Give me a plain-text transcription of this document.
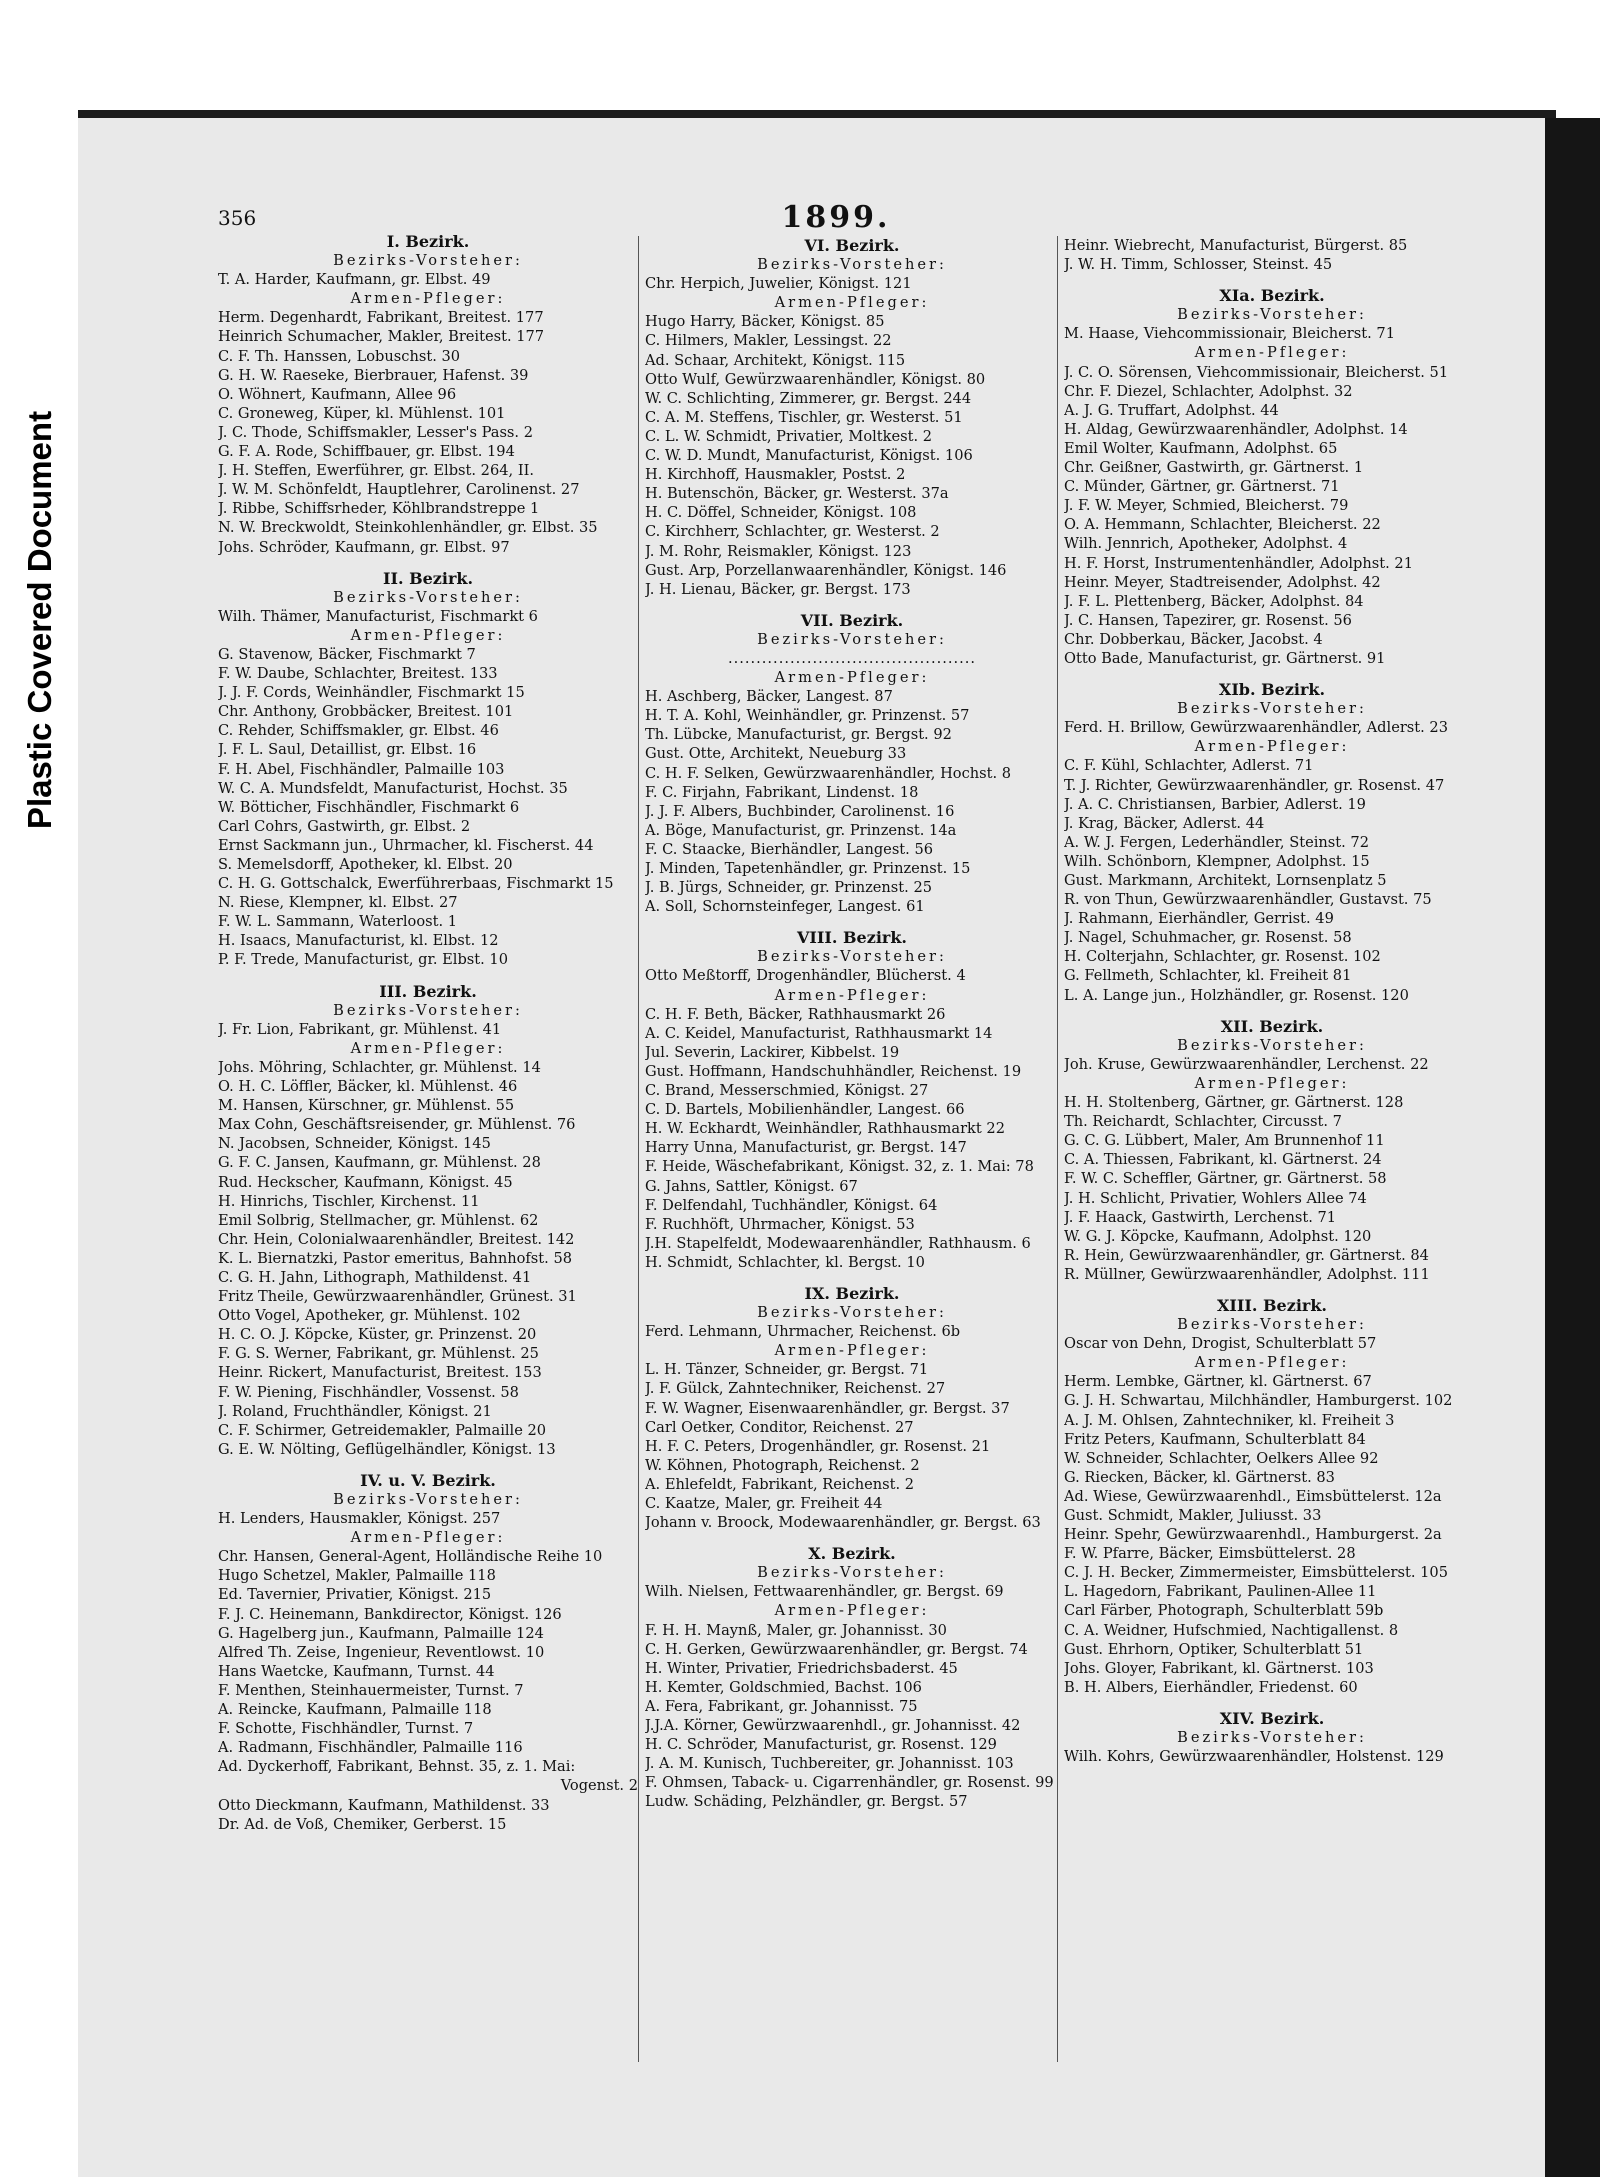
Plastic Covered Document
356	1899.
I. Bezirk.
Bezirks-Vorsteher:
T. A. Harder, Kaufmann, gr. Elbst. 49
Armen-Pfleger:
Herm. Degenhardt, Fabrikant, Breitest. 177
Heinrich Schumacher, Makler, Breitest. 177
C. F. Th. Hanssen, Lobuschst. 30
G. H. W. Raeseke, Bierbrauer, Hafenst. 39
O. Wöhnert, Kaufmann, Allee 96
C. Groneweg, Küper, kl. Mühlenst. 101
J. C. Thode, Schiffsmakler, Lesser's Pass. 2
G. F. A. Rode, Schiffbauer, gr. Elbst. 194
J. H. Steffen, Ewerführer, gr. Elbst. 264, II.
J. W. M. Schönfeldt, Hauptlehrer, Carolinenst. 27
J. Ribbe, Schiffsrheder, Köhlbrandstreppe 1
N. W. Breckwoldt, Steinkohlenhändler, gr. Elbst. 35
Johs. Schröder, Kaufmann, gr. Elbst. 97
II. Bezirk.
Bezirks-Vorsteher:
Wilh. Thämer, Manufacturist, Fischmarkt 6
Armen-Pfleger:
G. Stavenow, Bäcker, Fischmarkt 7
F. W. Daube, Schlachter, Breitest. 133
J. J. F. Cords, Weinhändler, Fischmarkt 15
Chr. Anthony, Grobbäcker, Breitest. 101
C. Rehder, Schiffsmakler, gr. Elbst. 46
J. F. L. Saul, Detaillist, gr. Elbst. 16
F. H. Abel, Fischhändler, Palmaille 103
W. C. A. Mundsfeldt, Manufacturist, Hochst. 35
W. Bötticher, Fischhändler, Fischmarkt 6
Carl Cohrs, Gastwirth, gr. Elbst. 2
Ernst Sackmann jun., Uhrmacher, kl. Fischerst. 44
S. Memelsdorff, Apotheker, kl. Elbst. 20
C. H. G. Gottschalck, Ewerführerbaas, Fischmarkt 15
N. Riese, Klempner, kl. Elbst. 27
F. W. L. Sammann, Waterloost. 1
H. Isaacs, Manufacturist, kl. Elbst. 12
P. F. Trede, Manufacturist, gr. Elbst. 10
III. Bezirk.
Bezirks-Vorsteher:
J. Fr. Lion, Fabrikant, gr. Mühlenst. 41
Armen-Pfleger:
Johs. Möhring, Schlachter, gr. Mühlenst. 14
O. H. C. Löffler, Bäcker, kl. Mühlenst. 46
M. Hansen, Kürschner, gr. Mühlenst. 55
Max Cohn, Geschäftsreisender, gr. Mühlenst. 76
N. Jacobsen, Schneider, Königst. 145
G. F. C. Jansen, Kaufmann, gr. Mühlenst. 28
Rud. Heckscher, Kaufmann, Königst. 45
H. Hinrichs, Tischler, Kirchenst. 11
Emil Solbrig, Stellmacher, gr. Mühlenst. 62
Chr. Hein, Colonialwaarenhändler, Breitest. 142
K. L. Biernatzki, Pastor emeritus, Bahnhofst. 58
C. G. H. Jahn, Lithograph, Mathildenst. 41
Fritz Theile, Gewürzwaarenhändler, Grünest. 31
Otto Vogel, Apotheker, gr. Mühlenst. 102
H. C. O. J. Köpcke, Küster, gr. Prinzenst. 20
F. G. S. Werner, Fabrikant, gr. Mühlenst. 25
Heinr. Rickert, Manufacturist, Breitest. 153
F. W. Piening, Fischhändler, Vossenst. 58
J. Roland, Fruchthändler, Königst. 21
C. F. Schirmer, Getreidemakler, Palmaille 20
G. E. W. Nölting, Geflügelhändler, Königst. 13
IV. u. V. Bezirk.
Bezirks-Vorsteher:
H. Lenders, Hausmakler, Königst. 257
Armen-Pfleger:
Chr. Hansen, General-Agent, Holländische Reihe 10
Hugo Schetzel, Makler, Palmaille 118
Ed. Tavernier, Privatier, Königst. 215
F. J. C. Heinemann, Bankdirector, Königst. 126
G. Hagelberg jun., Kaufmann, Palmaille 124
Alfred Th. Zeise, Ingenieur, Reventlowst. 10
Hans Waetcke, Kaufmann, Turnst. 44
F. Menthen, Steinhauermeister, Turnst. 7
A. Reincke, Kaufmann, Palmaille 118
F. Schotte, Fischhändler, Turnst. 7
A. Radmann, Fischhändler, Palmaille 116
Ad. Dyckerhoff, Fabrikant, Behnst. 35, z. 1. Mai:
Vogenst. 2
Otto Dieckmann, Kaufmann, Mathildenst. 33
Dr. Ad. de Voß, Chemiker, Gerberst. 15
VI. Bezirk.
Bezirks-Vorsteher:
Chr. Herpich, Juwelier, Königst. 121
Armen-Pfleger:
Hugo Harry, Bäcker, Königst. 85
C. Hilmers, Makler, Lessingst. 22
Ad. Schaar, Architekt, Königst. 115
Otto Wulf, Gewürzwaarenhändler, Königst. 80
W. C. Schlichting, Zimmerer, gr. Bergst. 244
C. A. M. Steffens, Tischler, gr. Westerst. 51
C. L. W. Schmidt, Privatier, Moltkest. 2
C. W. D. Mundt, Manufacturist, Königst. 106
H. Kirchhoff, Hausmakler, Postst. 2
H. Butenschön, Bäcker, gr. Westerst. 37a
H. C. Döffel, Schneider, Königst. 108
C. Kirchherr, Schlachter, gr. Westerst. 2
J. M. Rohr, Reismakler, Königst. 123
Gust. Arp, Porzellanwaarenhändler, Königst. 146
J. H. Lienau, Bäcker, gr. Bergst. 173
VII. Bezirk.
Bezirks-Vorsteher:
............................................
Armen-Pfleger:
H. Aschberg, Bäcker, Langest. 87
H. T. A. Kohl, Weinhändler, gr. Prinzenst. 57
Th. Lübcke, Manufacturist, gr. Bergst. 92
Gust. Otte, Architekt, Neueburg 33
C. H. F. Selken, Gewürzwaarenhändler, Hochst. 8
F. C. Firjahn, Fabrikant, Lindenst. 18
J. J. F. Albers, Buchbinder, Carolinenst. 16
A. Böge, Manufacturist, gr. Prinzenst. 14a
F. C. Staacke, Bierhändler, Langest. 56
J. Minden, Tapetenhändler, gr. Prinzenst. 15
J. B. Jürgs, Schneider, gr. Prinzenst. 25
A. Soll, Schornsteinfeger, Langest. 61
VIII. Bezirk.
Bezirks-Vorsteher:
Otto Meßtorff, Drogenhändler, Blücherst. 4
Armen-Pfleger:
C. H. F. Beth, Bäcker, Rathhausmarkt 26
A. C. Keidel, Manufacturist, Rathhausmarkt 14
Jul. Severin, Lackirer, Kibbelst. 19
Gust. Hoffmann, Handschuhhändler, Reichenst. 19
C. Brand, Messerschmied, Königst. 27
C. D. Bartels, Mobilienhändler, Langest. 66
H. W. Eckhardt, Weinhändler, Rathhausmarkt 22
Harry Unna, Manufacturist, gr. Bergst. 147
F. Heide, Wäschefabrikant, Königst. 32, z. 1. Mai: 78
G. Jahns, Sattler, Königst. 67
F. Delfendahl, Tuchhändler, Königst. 64
F. Ruchhöft, Uhrmacher, Königst. 53
J.H. Stapelfeldt, Modewaarenhändler, Rathhausm. 6
H. Schmidt, Schlachter, kl. Bergst. 10
IX. Bezirk.
Bezirks-Vorsteher:
Ferd. Lehmann, Uhrmacher, Reichenst. 6b
Armen-Pfleger:
L. H. Tänzer, Schneider, gr. Bergst. 71
J. F. Gülck, Zahntechniker, Reichenst. 27
F. W. Wagner, Eisenwaarenhändler, gr. Bergst. 37
Carl Oetker, Conditor, Reichenst. 27
H. F. C. Peters, Drogenhändler, gr. Rosenst. 21
W. Köhnen, Photograph, Reichenst. 2
A. Ehlefeldt, Fabrikant, Reichenst. 2
C. Kaatze, Maler, gr. Freiheit 44
Johann v. Broock, Modewaarenhändler, gr. Bergst. 63
X. Bezirk.
Bezirks-Vorsteher:
Wilh. Nielsen, Fettwaarenhändler, gr. Bergst. 69
Armen-Pfleger:
F. H. H. Maynß, Maler, gr. Johannisst. 30
C. H. Gerken, Gewürzwaarenhändler, gr. Bergst. 74
H. Winter, Privatier, Friedrichsbaderst. 45
H. Kemter, Goldschmied, Bachst. 106
A. Fera, Fabrikant, gr. Johannisst. 75
J.J.A. Körner, Gewürzwaarenhdl., gr. Johannisst. 42
H. C. Schröder, Manufacturist, gr. Rosenst. 129
J. A. M. Kunisch, Tuchbereiter, gr. Johannisst. 103
F. Ohmsen, Taback- u. Cigarrenhändler, gr. Rosenst. 99
Ludw. Schäding, Pelzhändler, gr. Bergst. 57
Heinr. Wiebrecht, Manufacturist, Bürgerst. 85
J. W. H. Timm, Schlosser, Steinst. 45
XIa. Bezirk.
Bezirks-Vorsteher:
M. Haase, Viehcommissionair, Bleicherst. 71
Armen-Pfleger:
J. C. O. Sörensen, Viehcommissionair, Bleicherst. 51
Chr. F. Diezel, Schlachter, Adolphst. 32
A. J. G. Truffart, Adolphst. 44
H. Aldag, Gewürzwaarenhändler, Adolphst. 14
Emil Wolter, Kaufmann, Adolphst. 65
Chr. Geißner, Gastwirth, gr. Gärtnerst. 1
C. Münder, Gärtner, gr. Gärtnerst. 71
J. F. W. Meyer, Schmied, Bleicherst. 79
O. A. Hemmann, Schlachter, Bleicherst. 22
Wilh. Jennrich, Apotheker, Adolphst. 4
H. F. Horst, Instrumentenhändler, Adolphst. 21
Heinr. Meyer, Stadtreisender, Adolphst. 42
J. F. L. Plettenberg, Bäcker, Adolphst. 84
J. C. Hansen, Tapezirer, gr. Rosenst. 56
Chr. Dobberkau, Bäcker, Jacobst. 4
Otto Bade, Manufacturist, gr. Gärtnerst. 91
XIb. Bezirk.
Bezirks-Vorsteher:
Ferd. H. Brillow, Gewürzwaarenhändler, Adlerst. 23
Armen-Pfleger:
C. F. Kühl, Schlachter, Adlerst. 71
T. J. Richter, Gewürzwaarenhändler, gr. Rosenst. 47
J. A. C. Christiansen, Barbier, Adlerst. 19
J. Krag, Bäcker, Adlerst. 44
A. W. J. Fergen, Lederhändler, Steinst. 72
Wilh. Schönborn, Klempner, Adolphst. 15
Gust. Markmann, Architekt, Lornsenplatz 5
R. von Thun, Gewürzwaarenhändler, Gustavst. 75
J. Rahmann, Eierhändler, Gerrist. 49
J. Nagel, Schuhmacher, gr. Rosenst. 58
H. Colterjahn, Schlachter, gr. Rosenst. 102
G. Fellmeth, Schlachter, kl. Freiheit 81
L. A. Lange jun., Holzhändler, gr. Rosenst. 120
XII. Bezirk.
Bezirks-Vorsteher:
Joh. Kruse, Gewürzwaarenhändler, Lerchenst. 22
Armen-Pfleger:
H. H. Stoltenberg, Gärtner, gr. Gärtnerst. 128
Th. Reichardt, Schlachter, Circusst. 7
G. C. G. Lübbert, Maler, Am Brunnenhof 11
C. A. Thiessen, Fabrikant, kl. Gärtnerst. 24
F. W. C. Scheffler, Gärtner, gr. Gärtnerst. 58
J. H. Schlicht, Privatier, Wohlers Allee 74
J. F. Haack, Gastwirth, Lerchenst. 71
W. G. J. Köpcke, Kaufmann, Adolphst. 120
R. Hein, Gewürzwaarenhändler, gr. Gärtnerst. 84
R. Müllner, Gewürzwaarenhändler, Adolphst. 111
XIII. Bezirk.
Bezirks-Vorsteher:
Oscar von Dehn, Drogist, Schulterblatt 57
Armen-Pfleger:
Herm. Lembke, Gärtner, kl. Gärtnerst. 67
G. J. H. Schwartau, Milchhändler, Hamburgerst. 102
A. J. M. Ohlsen, Zahntechniker, kl. Freiheit 3
Fritz Peters, Kaufmann, Schulterblatt 84
W. Schneider, Schlachter, Oelkers Allee 92
G. Riecken, Bäcker, kl. Gärtnerst. 83
Ad. Wiese, Gewürzwaarenhdl., Eimsbüttelerst. 12a
Gust. Schmidt, Makler, Juliusst. 33
Heinr. Spehr, Gewürzwaarenhdl., Hamburgerst. 2a
F. W. Pfarre, Bäcker, Eimsbüttelerst. 28
C. J. H. Becker, Zimmermeister, Eimsbüttelerst. 105
L. Hagedorn, Fabrikant, Paulinen-Allee 11
Carl Färber, Photograph, Schulterblatt 59b
C. A. Weidner, Hufschmied, Nachtigallenst. 8
Gust. Ehrhorn, Optiker, Schulterblatt 51
Johs. Gloyer, Fabrikant, kl. Gärtnerst. 103
B. H. Albers, Eierhändler, Friedenst. 60
XIV. Bezirk.
Bezirks-Vorsteher:
Wilh. Kohrs, Gewürzwaarenhändler, Holstenst. 129
